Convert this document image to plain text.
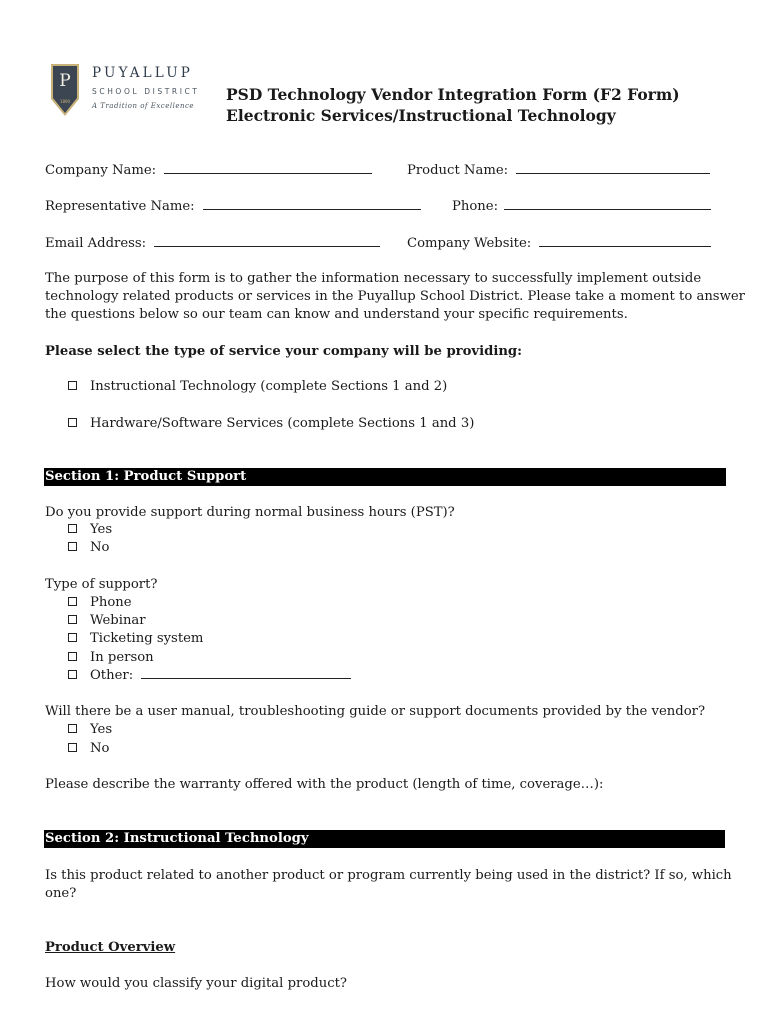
P
1890
PUYALLUP
SCHOOL DISTRICT
A Tradition of Excellence
PSD Technology Vendor Integration Form (F2 Form)
Electronic Services/Instructional Technology
Company Name:	Product Name:
Representative Name:	Phone:
Email Address:	Company Website:
The purpose of this form is to gather the information necessary to successfully implement outside
technology related products or services in the Puyallup School District. Please take a moment to answer
the questions below so our team can know and understand your specific requirements.
Please select the type of service your company will be providing:
Instructional Technology (complete Sections 1 and 2)
Hardware/Software Services (complete Sections 1 and 3)
Section 1: Product Support
Do you provide support during normal business hours (PST)?
Yes
No
Type of support?
Phone
Webinar
Ticketing system
In person
Other:
Will there be a user manual, troubleshooting guide or support documents provided by the vendor?
Yes
No
Please describe the warranty offered with the product (length of time, coverage…):
Section 2: Instructional Technology
Is this product related to another product or program currently being used in the district? If so, which
one?
Product Overview
How would you classify your digital product?
